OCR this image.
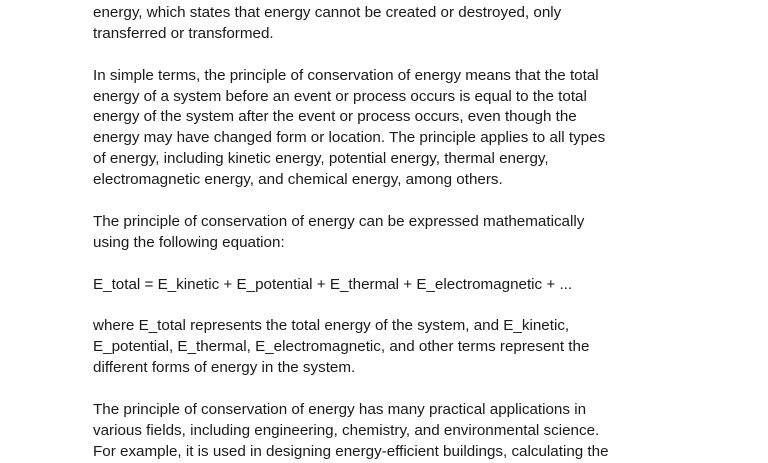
energy, which states that energy cannot be created or destroyed, only
transferred or transformed.
In simple terms, the principle of conservation of energy means that the total
energy of a system before an event or process occurs is equal to the total
energy of the system after the event or process occurs, even though the
energy may have changed form or location. The principle applies to all types
of energy, including kinetic energy, potential energy, thermal energy,
electromagnetic energy, and chemical energy, among others.
The principle of conservation of energy can be expressed mathematically
using the following equation:
E_total = E_kinetic + E_potential + E_thermal + E_electromagnetic + ...
where E_total represents the total energy of the system, and E_kinetic,
E_potential, E_thermal, E_electromagnetic, and other terms represent the
different forms of energy in the system.
The principle of conservation of energy has many practical applications in
various fields, including engineering, chemistry, and environmental science.
For example, it is used in designing energy-efficient buildings, calculating the
